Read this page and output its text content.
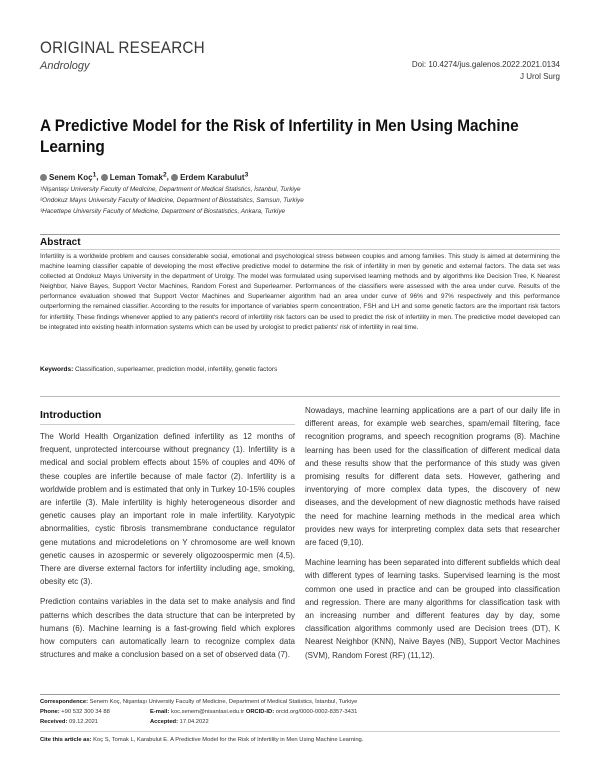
ORIGINAL RESEARCH
Andrology	Doi: 10.4274/jus.galenos.2022.2021.0134
J Urol Surg
A Predictive Model for the Risk of Infertility in Men Using Machine Learning
Senem Koç$^1$, Leman Tomak$^2$, Erdem Karabulut$^3$
¹Nişantaşı University Faculty of Medicine, Department of Medical Statistics, İstanbul, Turkiye
²Ondokuz Mayıs University Faculty of Medicine, Department of Biostatistics, Samsun, Turkiye
³Hacettepe University Faculty of Medicine, Department of Biostatistics, Ankara, Turkiye
Abstract
Infertility is a worldwide problem and causes considerable social, emotional and psychological stress between couples and among families. This study is aimed at determining the machine learning classifier capable of developing the most effective predictive model to determine the risk of infertility in men by genetic and external factors. The data set was collected at Ondokuz Mayıs University in the department of Urolgy. The model was formulated using supervised learning methods and by algorithms like Decision Tree, K Nearest Neighbor, Naive Bayes, Support Vector Machines, Random Forest and Superlearner. Performances of the classifiers were assessed with the area under curve. Results of the performance evaluation showed that Support Vector Machines and Superlearner algorithm had an area under curve of 96% and 97% respectively and this performance outperforming the remained classifier. According to the results for importance of variables sperm concentration, FSH and LH and some genetic factors are the important risk factors for infertility. These findings whenever applied to any patient's record of infertility risk factors can be used to predict the risk of infertility in men. The predictive model developed can be integrated into existing health information systems which can be used by urologist to predict patients' risk of infertility in real time.
Keywords: Classification, superlearner, prediction model, infertility, genetic factors
Introduction

The World Health Organization defined infertility as 12 months of frequent, unprotected intercourse without pregnancy (1). Infertility is a medical and social problem effects about 15% of couples and 40% of these couples are infertile because of male factor (2). Infertility is a worldwide problem and is estimated that only in Turkey 10-15% couples are infertile (3). Male infertility is highly heterogeneous disorder and genetic causes play an important role in male infertility. Karyotypic abnormalities, cystic fibrosis transmembrane conductance regulator gene mutations and microdeletions on Y chromosome are well known genetic causes in azospermic or severely oligozoospermic men (4,5). There are diverse external factors for infertility including age, smoking, obesity etc (3).

Prediction contains variables in the data set to make analysis and find patterns which describes the data structure that can be interpreted by humans (6). Machine learning is a fast-growing field which explores how computers can automatically learn to recognize complex data structures and make a conclusion based on a set of observed data (7).

Nowadays, machine learning applications are a part of our daily life in different areas, for example web searches, spam/email filtering, face recognition programs, and speech recognition programs (8). Machine learning has been used for the classification of different medical data and these results show that the performance of this study was given promising results for different data sets. However, gathering and inventorying of more complex data types, the discovery of new diseases, and the development of new diagnostic methods have raised the need for machine learning methods in the medical area which provides new ways for interpreting complex data sets that researcher are faced (9,10).

Machine learning has been separated into different subfields which deal with different types of learning tasks. Supervised learning is the most common one used in practice and can be grouped into classification and regression. There are many algorithms for classification task with an increasing number and different features day by day, some classification algorithms commonly used are Decision trees (DT), K Nearest Neighbor (KNN), Naive Bayes (NB), Support Vector Machines (SVM), Random Forest (RF) (11,12).

Correspondence: Senem Koç, Nişantaşı University Faculty of Medicine, Department of Medical Statistics, İstanbul, Turkiye
Phone: +90 532 300 34 88	E-mail: koc.senem@nisantasi.edu.tr ORCID-ID: orcid.org/0000-0002-8357-3431
Received: 09.12.2021	Accepted: 17.04.2022
Cite this article as: Koç S, Tomak L, Karabulut E. A Predictive Model for the Risk of Infertility in Men Using Machine Learning.
